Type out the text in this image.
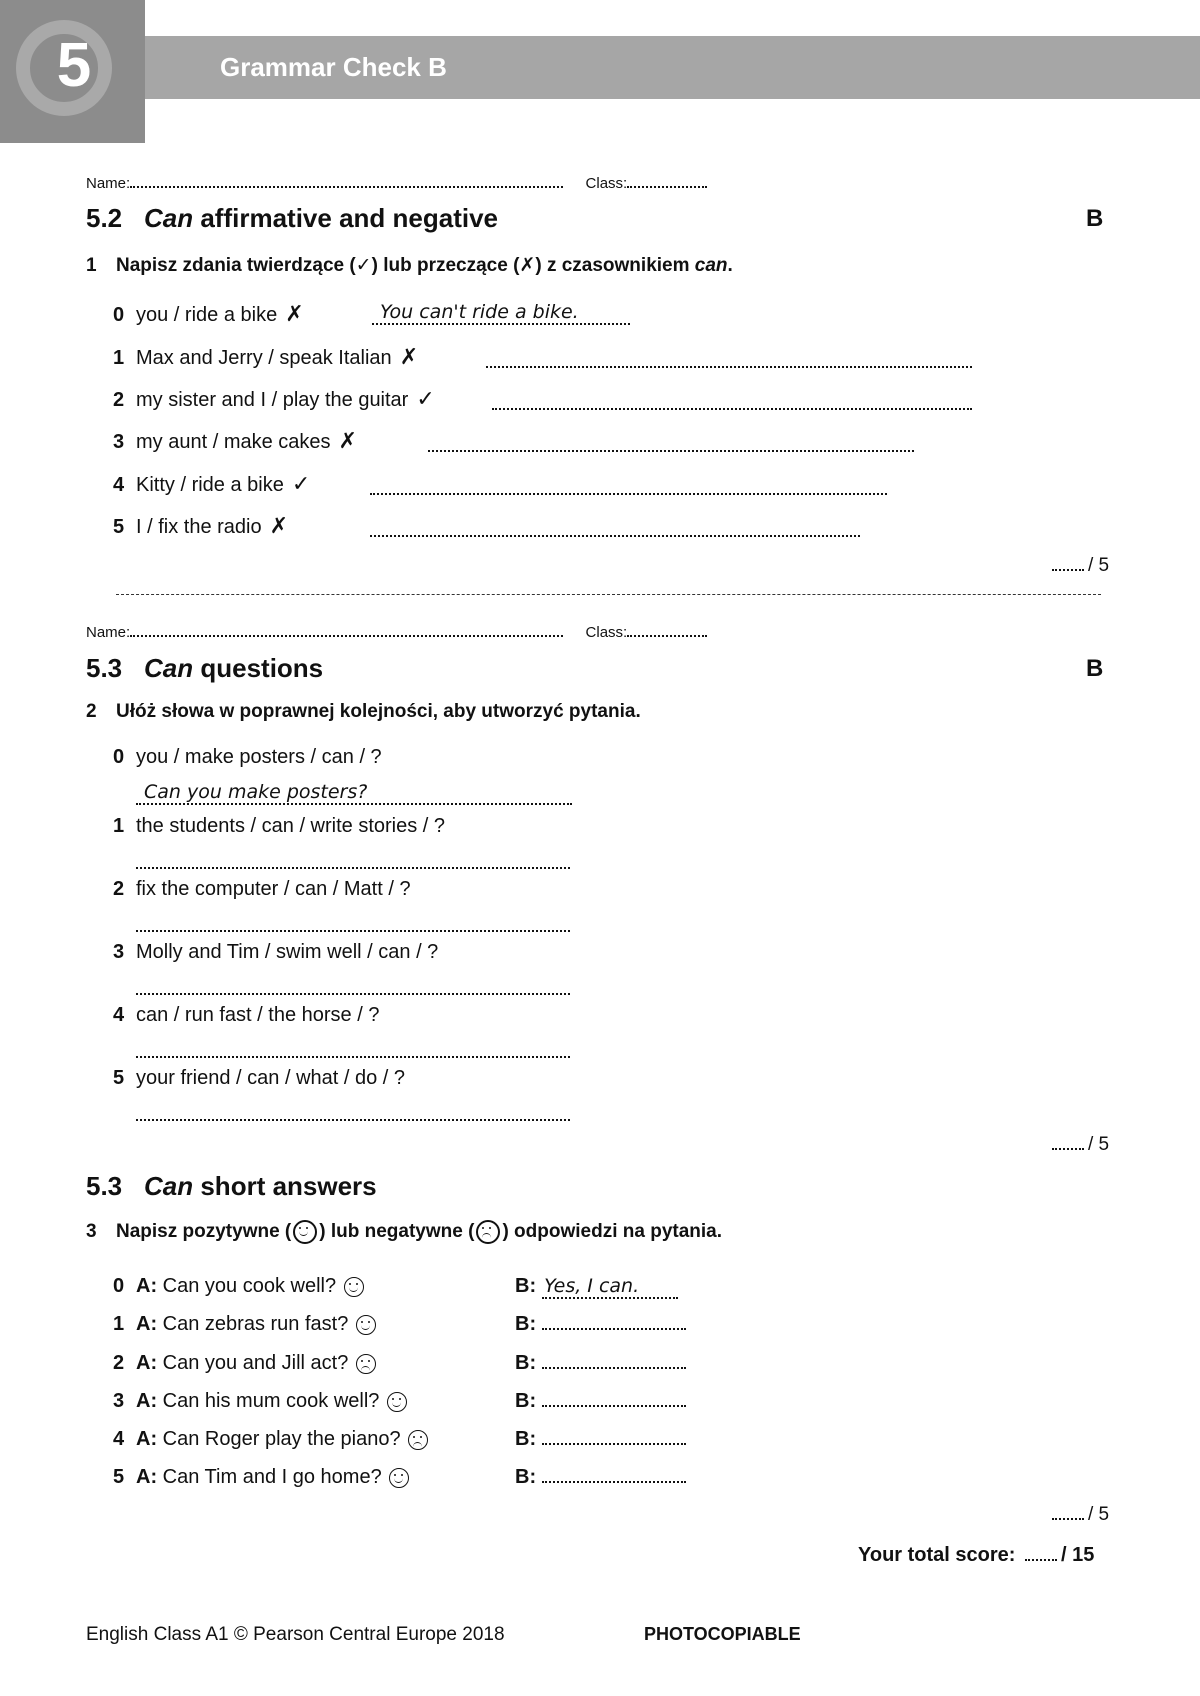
5	Grammar Check B
Name:	Class:
5.2 Can affirmative and negative	B
1 Napisz zdania twierdzące (✓) lub przeczące (✗) z czasownikiem can.
0 you / ride a bike ✗	You can't ride a bike.
1 Max and Jerry / speak Italian ✗
2 my sister and I / play the guitar ✓
3 my aunt / make cakes ✗
4 Kitty / ride a bike ✓
5 I / fix the radio ✗
/ 5
Name:	Class:
5.3 Can questions	B
2 Ułóż słowa w poprawnej kolejności, aby utworzyć pytania.
0 you / make posters / can / ?
Can you make posters?
1 the students / can / write stories / ?
2 fix the computer / can / Matt / ?
3 Molly and Tim / swim well / can / ?
4 can / run fast / the horse / ?
5 your friend / can / what / do / ?
/ 5
5.3 Can short answers
3 Napisz pozytywne ( ) lub negatywne ( ) odpowiedzi na pytania.
0 A: Can you cook well?	B: Yes, I can.
1 A: Can zebras run fast?	B:
2 A: Can you and Jill act?	B:
3 A: Can his mum cook well?	B:
4 A: Can Roger play the piano?	B:
5 A: Can Tim and I go home?	B:
/ 5
Your total score: / 15
English Class A1 © Pearson Central Europe 2018	PHOTOCOPIABLE
